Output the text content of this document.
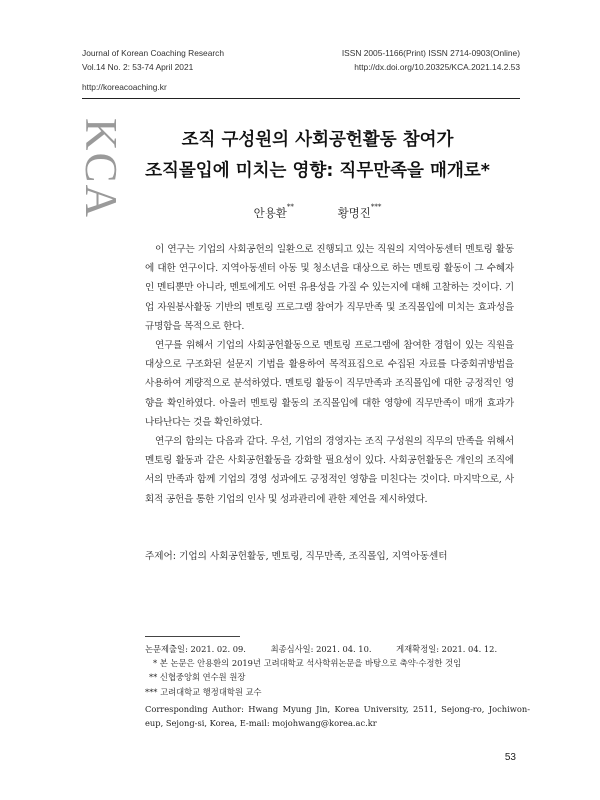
Journal of Korean Coaching Research
Vol.14 No. 2: 53-74 April 2021
ISSN 2005-1166(Print) ISSN 2714-0903(Online)
http://dx.doi.org/10.20325/KCA.2021.14.2.53
http://koreacoaching.kr
KCA	조직 구성원의 사회공헌활동 참여가
조직몰입에 미치는 영향: 직무만족을 매개로*
안용환**	황명진***

이 연구는 기업의 사회공헌의 일환으로 진행되고 있는 직원의 지역아동센터 멘토링 활동에 대한 연구이다. 지역아동센터 아동 및 청소년을 대상으로 하는 멘토링 활동이 그 수혜자인 멘티뿐만 아니라, 멘토에게도 어떤 유용성을 가질 수 있는지에 대해 고찰하는 것이다. 기업 자원봉사활동 기반의 멘토링 프로그램 참여가 직무만족 및 조직몰입에 미치는 효과성을 규명함을 목적으로 한다.

연구를 위해서 기업의 사회공헌활동으로 멘토링 프로그램에 참여한 경험이 있는 직원을 대상으로 구조화된 설문지 기법을 활용하여 목적표집으로 수집된 자료를 다중회귀방법을 사용하여 계량적으로 분석하였다. 멘토링 활동이 직무만족과 조직몰입에 대한 긍정적인 영향을 확인하였다. 아울러 멘토링 활동의 조직몰입에 대한 영향에 직무만족이 매개 효과가 나타난다는 것을 확인하였다.

연구의 함의는 다음과 같다. 우선, 기업의 경영자는 조직 구성원의 직무의 만족을 위해서 멘토링 활동과 같은 사회공헌활동을 강화할 필요성이 있다. 사회공헌활동은 개인의 조직에서의 만족과 함께 기업의 경영 성과에도 긍정적인 영향을 미친다는 것이다. 마지막으로, 사회적 공헌을 통한 기업의 인사 및 성과관리에 관한 제언을 제시하였다.

주제어: 기업의 사회공헌활동, 멘토링, 직무만족, 조직몰입, 지역아동센터
논문제출일: 2021. 02. 09.	최종심사일: 2021. 04. 10.	게재확정일: 2021. 04. 12.
* 본 논문은 안용환의 2019년 고려대학교 석사학위논문을 바탕으로 축약·수정한 것임
** 신협중앙회 연수원 원장
*** 고려대학교 행정대학원 교수
Corresponding Author: Hwang Myung Jin, Korea University, 2511, Sejong-ro, Jochiwon-eup, Sejong-si, Korea, E-mail: mojohwang@korea.ac.kr
53
